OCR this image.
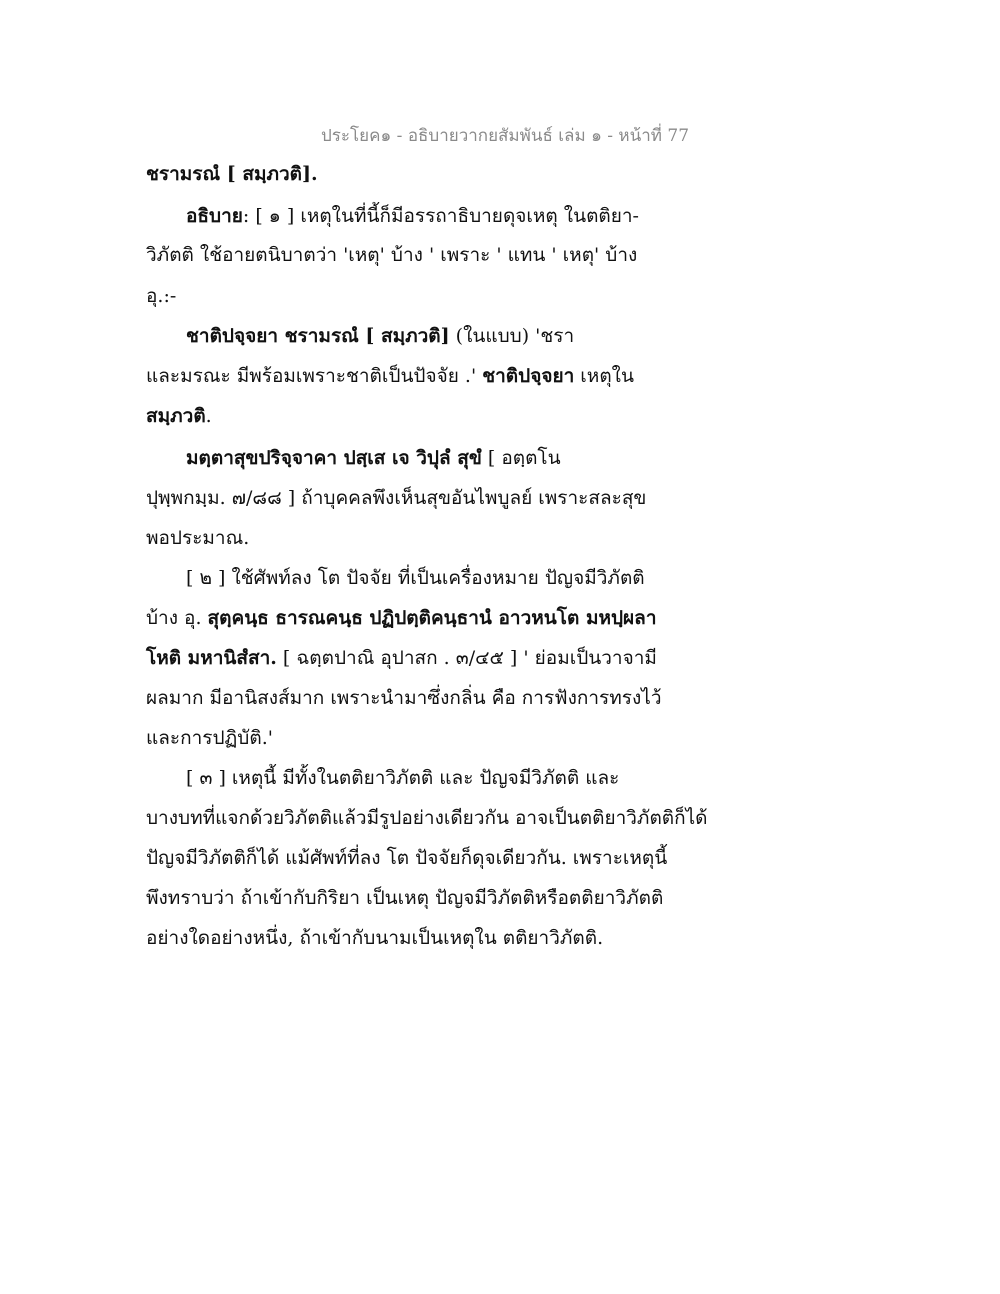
ประโยค๑ - อธิบายวากยสัมพันธ์ เล่ม ๑ - หน้าที่ 77
ชรามรณํ [ สมฺภวติ].
อธิบาย: [ ๑ ] เหตุในที่นี้ก็มีอรรถาธิบายดุจเหตุ ในตติยา-
วิภัตติ ใช้อายตนิบาตว่า 'เหตุ' บ้าง ' เพราะ ' แทน ' เหตุ' บ้าง
อุ.:-
ชาติปจฺจยา ชรามรณํ [ สมฺภวติ] (ในแบบ) 'ชรา
และมรณะ มีพร้อมเพราะชาติเป็นปัจจัย .' ชาติปจฺจยา เหตุใน
สมฺภวติ.
มตฺตาสุขปริจฺจาคา ปสฺเส เจ วิปุลํ สุขํ [ อตฺตโน
ปุพฺพกมฺม. ๗/๘๘ ] ถ้าบุคคลพึงเห็นสุขอันไพบูลย์ เพราะสละสุข
พอประมาณ.
[ ๒ ] ใช้ศัพท์ลง โต ปัจจัย ที่เป็นเครื่องหมาย ปัญจมีวิภัตติ
บ้าง อุ. สุตฺคนฺธ ธารณคนฺธ ปฏิปตฺติคนฺธานํ อาวหนโต มหปฺผลา
โหติ มหานิสํสา. [ ฉตฺตปาณิ อุปาสก . ๓/๔๕ ] ' ย่อมเป็นวาจามี
ผลมาก มีอานิสงส์มาก เพราะนำมาซึ่งกลิ่น คือ การฟังการทรงไว้
และการปฏิบัติ.'
[ ๓ ] เหตุนี้ มีทั้งในตติยาวิภัตติ และ ปัญจมีวิภัตติ และ
บางบทที่แจกด้วยวิภัตติแล้วมีรูปอย่างเดียวกัน อาจเป็นตติยาวิภัตติก็ได้
ปัญจมีวิภัตติก็ได้ แม้ศัพท์ที่ลง โต ปัจจัยก็ดุจเดียวกัน. เพราะเหตุนี้
พึงทราบว่า ถ้าเข้ากับกิริยา เป็นเหตุ ปัญจมีวิภัตติหรือตติยาวิภัตติ
อย่างใดอย่างหนึ่ง, ถ้าเข้ากับนามเป็นเหตุใน ตติยาวิภัตติ.
